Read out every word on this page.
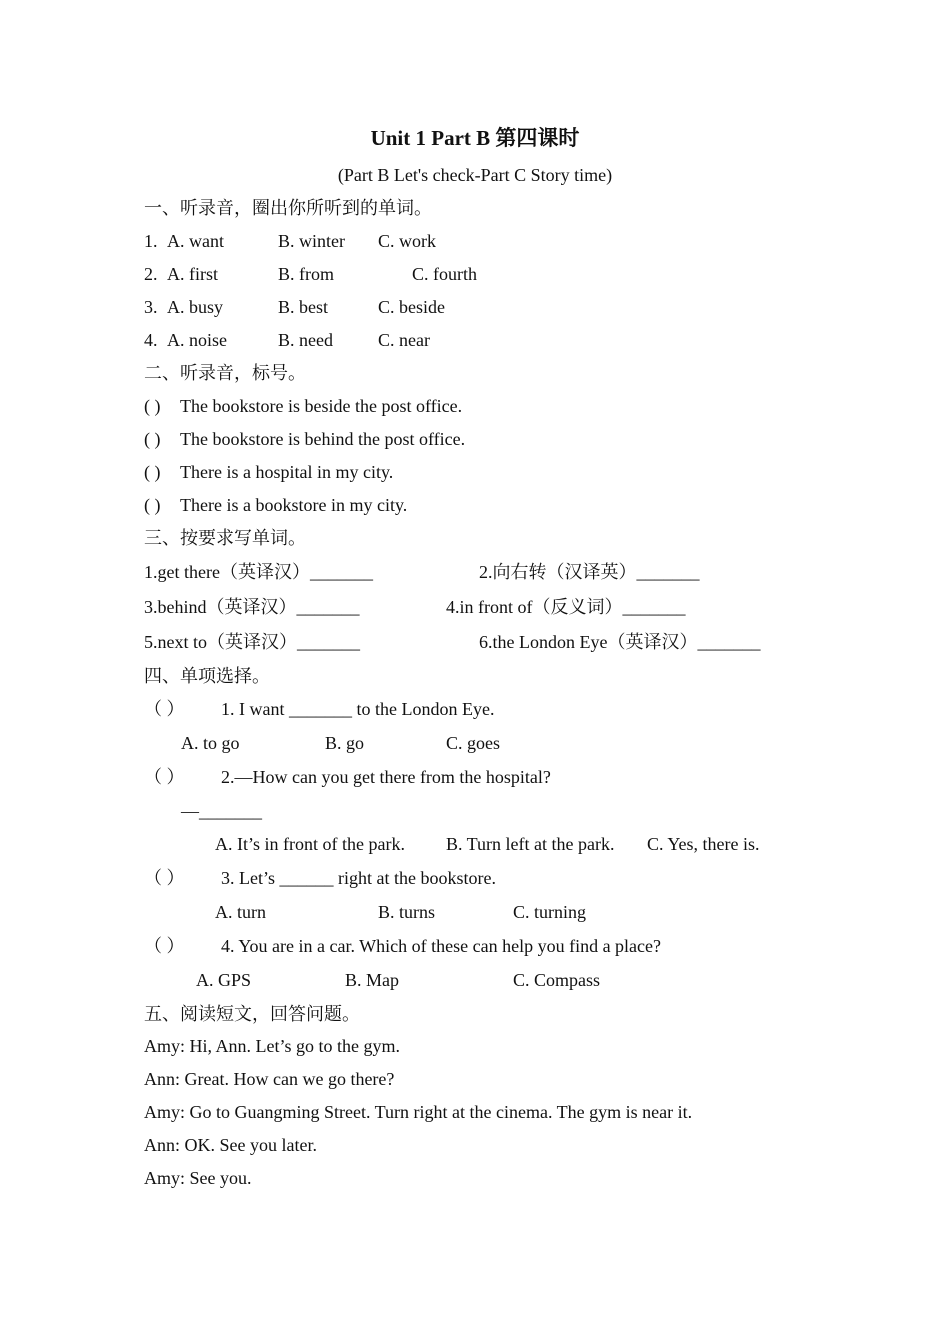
Unit 1 Part B 第四课时
(Part B Let's check-Part C Story time)
一、听录音，圈出你所听到的单词。
1. A. want	B. winter C. work
2. A. first	B. from	C. fourth
3. A. busy	B. best	C. beside
4. A. noise	B. need	C. near
二、听录音，标号。
( ) The bookstore is beside the post office.
( ) The bookstore is behind the post office.
( ) There is a hospital in my city.
( ) There is a bookstore in my city.
三、按要求写单词。
1.get there（英译汉）_______	2.向右转（汉译英）_______
3.behind（英译汉）_______	4.in front of（反义词）_______
5.next to（英译汉）_______	6.the London Eye（英译汉）_______
四、单项选择。
（ ） 1. I want _______ to the London Eye.
A. to go	B. go	C. goes
（ ） 2.—How can you get there from the hospital?
—_______
A. It’s in front of the park. B. Turn left at the park. C. Yes, there is.
（ ） 3. Let’s ______ right at the bookstore.
A. turn	B. turns	C. turning
（ ） 4. You are in a car. Which of these can help you find a place?
A. GPS	B. Map	C. Compass
五、阅读短文，回答问题。
Amy: Hi, Ann. Let’s go to the gym.
Ann: Great. How can we go there?
Amy: Go to Guangming Street. Turn right at the cinema. The gym is near it.
Ann: OK. See you later.
Amy: See you.
